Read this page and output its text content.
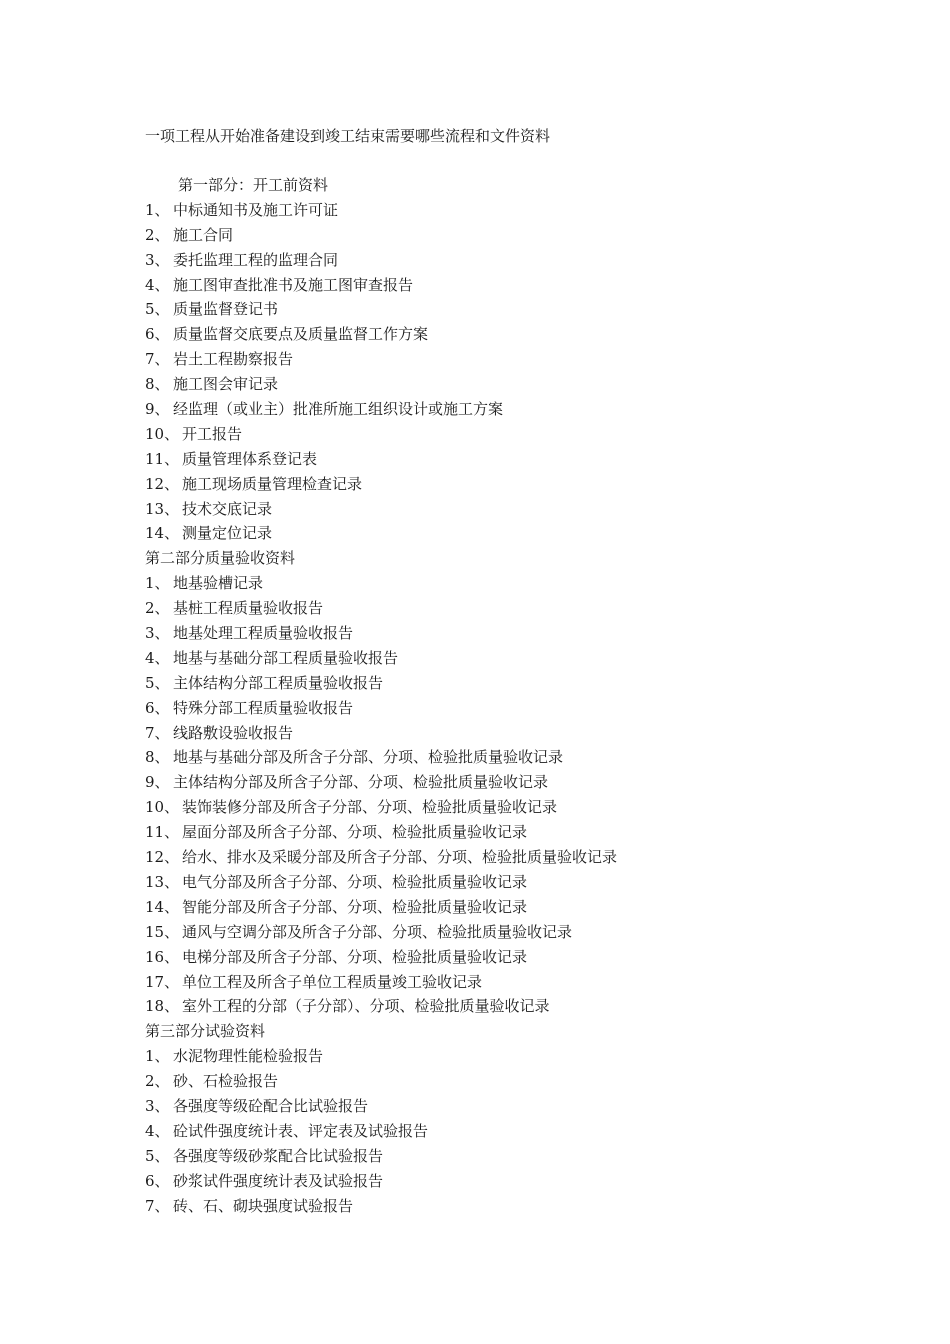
一项工程从开始准备建设到竣工结束需要哪些流程和文件资料
第一部分：开工前资料
1、 中标通知书及施工许可证
2、 施工合同
3、 委托监理工程的监理合同
4、 施工图审查批准书及施工图审查报告
5、 质量监督登记书
6、 质量监督交底要点及质量监督工作方案
7、 岩土工程勘察报告
8、 施工图会审记录
9、 经监理（或业主）批准所施工组织设计或施工方案
10、 开工报告
11、 质量管理体系登记表
12、 施工现场质量管理检查记录
13、 技术交底记录
14、 测量定位记录
第二部分质量验收资料
1、 地基验槽记录
2、 基桩工程质量验收报告
3、 地基处理工程质量验收报告
4、 地基与基础分部工程质量验收报告
5、 主体结构分部工程质量验收报告
6、 特殊分部工程质量验收报告
7、 线路敷设验收报告
8、 地基与基础分部及所含子分部、分项、检验批质量验收记录
9、 主体结构分部及所含子分部、分项、检验批质量验收记录
10、 装饰装修分部及所含子分部、分项、检验批质量验收记录
11、 屋面分部及所含子分部、分项、检验批质量验收记录
12、 给水、排水及采暖分部及所含子分部、分项、检验批质量验收记录
13、 电气分部及所含子分部、分项、检验批质量验收记录
14、 智能分部及所含子分部、分项、检验批质量验收记录
15、 通风与空调分部及所含子分部、分项、检验批质量验收记录
16、 电梯分部及所含子分部、分项、检验批质量验收记录
17、 单位工程及所含子单位工程质量竣工验收记录
18、 室外工程的分部（子分部）、分项、检验批质量验收记录
第三部分试验资料
1、 水泥物理性能检验报告
2、 砂、石检验报告
3、 各强度等级砼配合比试验报告
4、 砼试件强度统计表、评定表及试验报告
5、 各强度等级砂浆配合比试验报告
6、 砂浆试件强度统计表及试验报告
7、 砖、石、砌块强度试验报告
